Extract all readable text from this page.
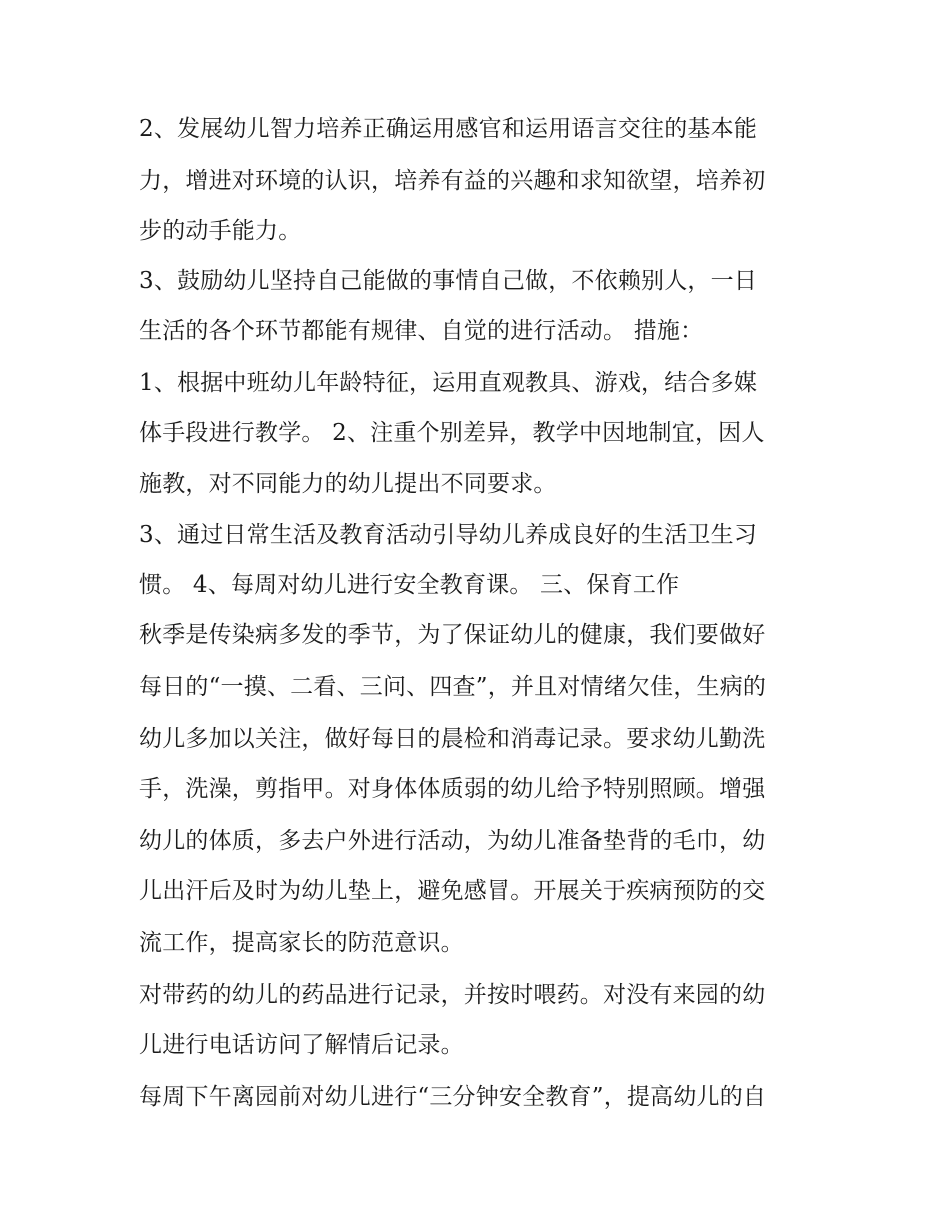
2、发展幼儿智力培养正确运用感官和运用语言交往的基本能
力，增进对环境的认识，培养有益的兴趣和求知欲望，培养初
步的动手能力。
3、鼓励幼儿坚持自己能做的事情自己做，不依赖别人，一日
生活的各个环节都能有规律、自觉的进行活动。 措施：
1、根据中班幼儿年龄特征，运用直观教具、游戏，结合多媒
体手段进行教学。 2、注重个别差异，教学中因地制宜，因人
施教，对不同能力的幼儿提出不同要求。
3、通过日常生活及教育活动引导幼儿养成良好的生活卫生习
惯。 4、每周对幼儿进行安全教育课。 三、保育工作
秋季是传染病多发的季节，为了保证幼儿的健康，我们要做好
每日的“一摸、二看、三问、四查”，并且对情绪欠佳，生病的
幼儿多加以关注，做好每日的晨检和消毒记录。要求幼儿勤洗
手，洗澡，剪指甲。对身体体质弱的幼儿给予特别照顾。增强
幼儿的体质，多去户外进行活动，为幼儿准备垫背的毛巾，幼
儿出汗后及时为幼儿垫上，避免感冒。开展关于疾病预防的交
流工作，提高家长的防范意识。
对带药的幼儿的药品进行记录，并按时喂药。对没有来园的幼
儿进行电话访问了解情后记录。
每周下午离园前对幼儿进行“三分钟安全教育”，提高幼儿的自
